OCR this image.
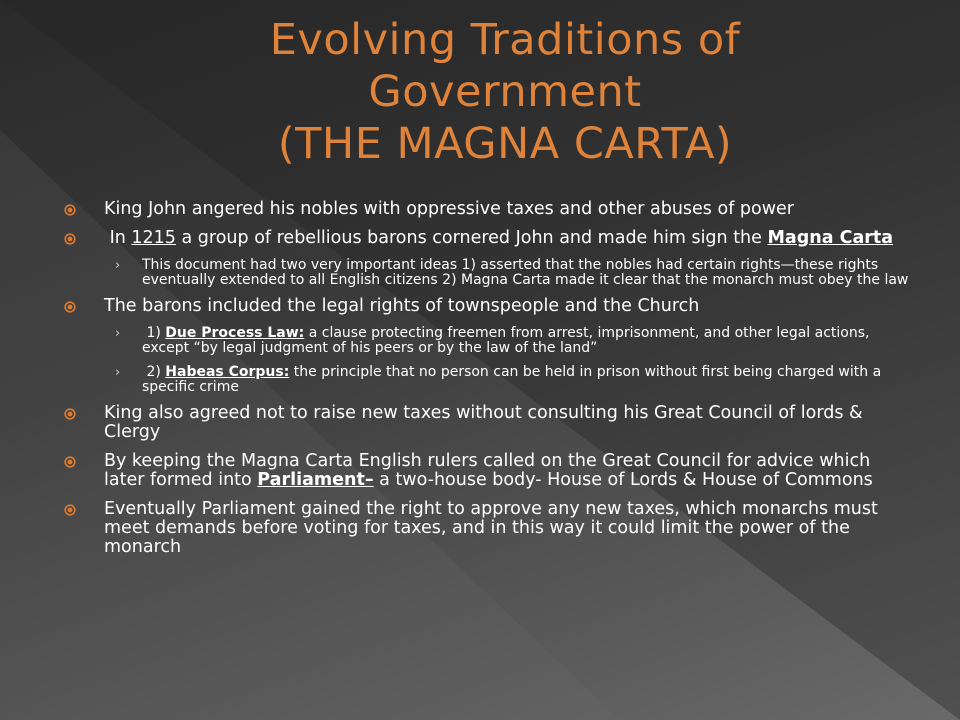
Evolving Traditions of
Government
(THE MAGNA CARTA)
King John angered his nobles with oppressive taxes and other abuses of power
In 1215 a group of rebellious barons cornered John and made him sign the Magna Carta
› This document had two very important ideas 1) asserted that the nobles had certain rights—these rights eventually extended to all English citizens 2) Magna Carta made it clear that the monarch must obey the law
The barons included the legal rights of townspeople and the Church
› 1) Due Process Law: a clause protecting freemen from arrest, imprisonment, and other legal actions, except “by legal judgment of his peers or by the law of the land”
› 2) Habeas Corpus: the principle that no person can be held in prison without first being charged with a specific crime
King also agreed not to raise new taxes without consulting his Great Council of lords & Clergy
By keeping the Magna Carta English rulers called on the Great Council for advice which later formed into Parliament– a two-house body- House of Lords & House of Commons
Eventually Parliament gained the right to approve any new taxes, which monarchs must meet demands before voting for taxes, and in this way it could limit the power of the monarch
